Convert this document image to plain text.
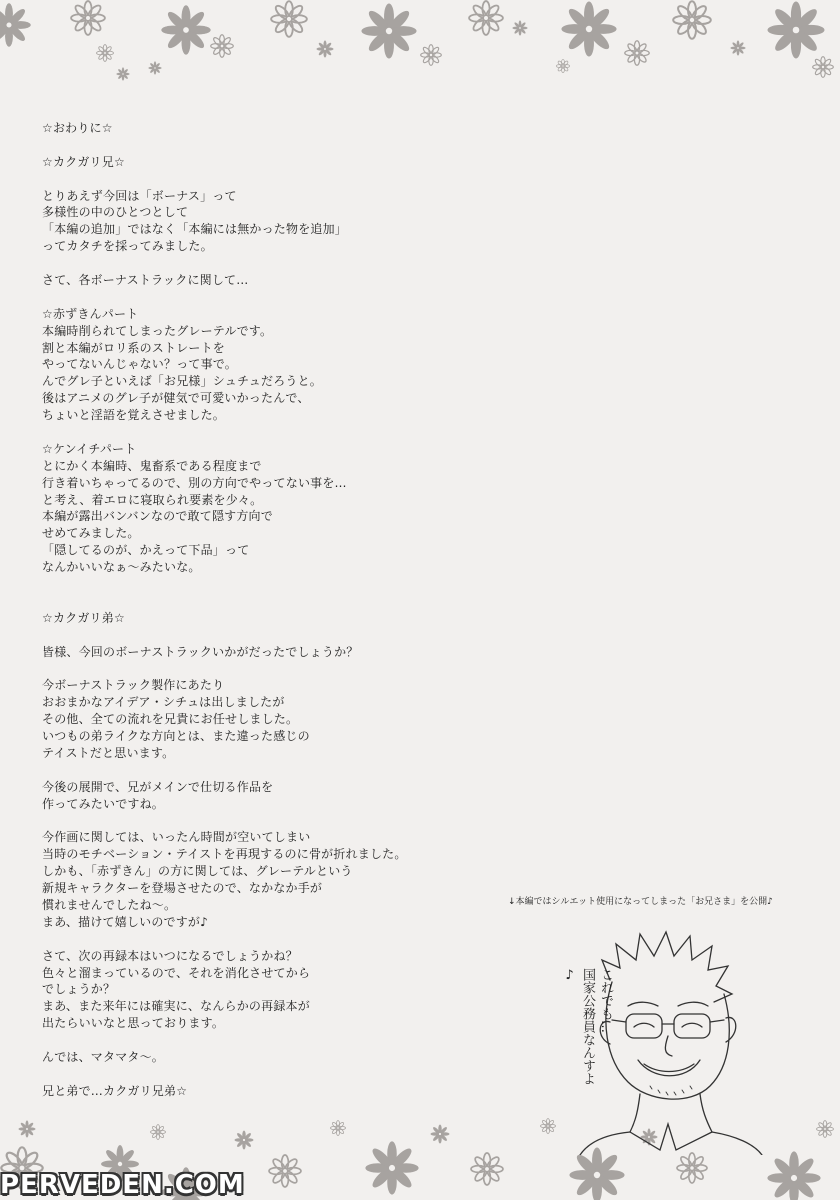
☆おわりに☆
☆カクガリ兄☆
とりあえず今回は「ボーナス」って
多様性の中のひとつとして
「本編の追加」ではなく「本編には無かった物を追加」
ってカタチを採ってみました。
さて、各ボーナストラックに関して…
☆赤ずきんパート
本編時削られてしまったグレーテルです。
割と本編がロリ系のストレートを
やってないんじゃない？って事で。
んでグレ子といえば「お兄様」シュチュだろうと。
後はアニメのグレ子が健気で可愛いかったんで、
ちょいと淫語を覚えさせました。
☆ケンイチパート
とにかく本編時、鬼畜系である程度まで
行き着いちゃってるので、別の方向でやってない事を…
と考え、着エロに寝取られ要素を少々。
本編が露出バンバンなので敢て隠す方向で
せめてみました。
「隠してるのが、かえって下品」って
なんかいいなぁ～みたいな。
☆カクガリ弟☆
皆様、今回のボーナストラックいかがだったでしょうか？
今ボーナストラック製作にあたり
おおまかなアイデア・シチュは出しましたが
その他、全ての流れを兄貴にお任せしました。
いつもの弟ライクな方向とは、また違った感じの
テイストだと思います。
今後の展開で、兄がメインで仕切る作品を
作ってみたいですね。
今作画に関しては、いったん時間が空いてしまい
当時のモチベーション・テイストを再現するのに骨が折れました。
しかも、「赤ずきん」の方に関しては、グレーテルという
新規キャラクターを登場させたので、なかなか手が
慣れませんでしたね～。
まあ、描けて嬉しいのですが♪
さて、次の再録本はいつになるでしょうかね？
色々と溜まっているので、それを消化させてから
でしょうか？
まあ、また来年には確実に、なんらかの再録本が
出たらいいなと思っております。
んでは、マタマタ～。
兄と弟で…カクガリ兄弟☆
↓本編ではシルエット使用になってしまった「お兄さま」を公開♪
これでも…
国家公務員なんすよ♪
PERVEDEN.COM
